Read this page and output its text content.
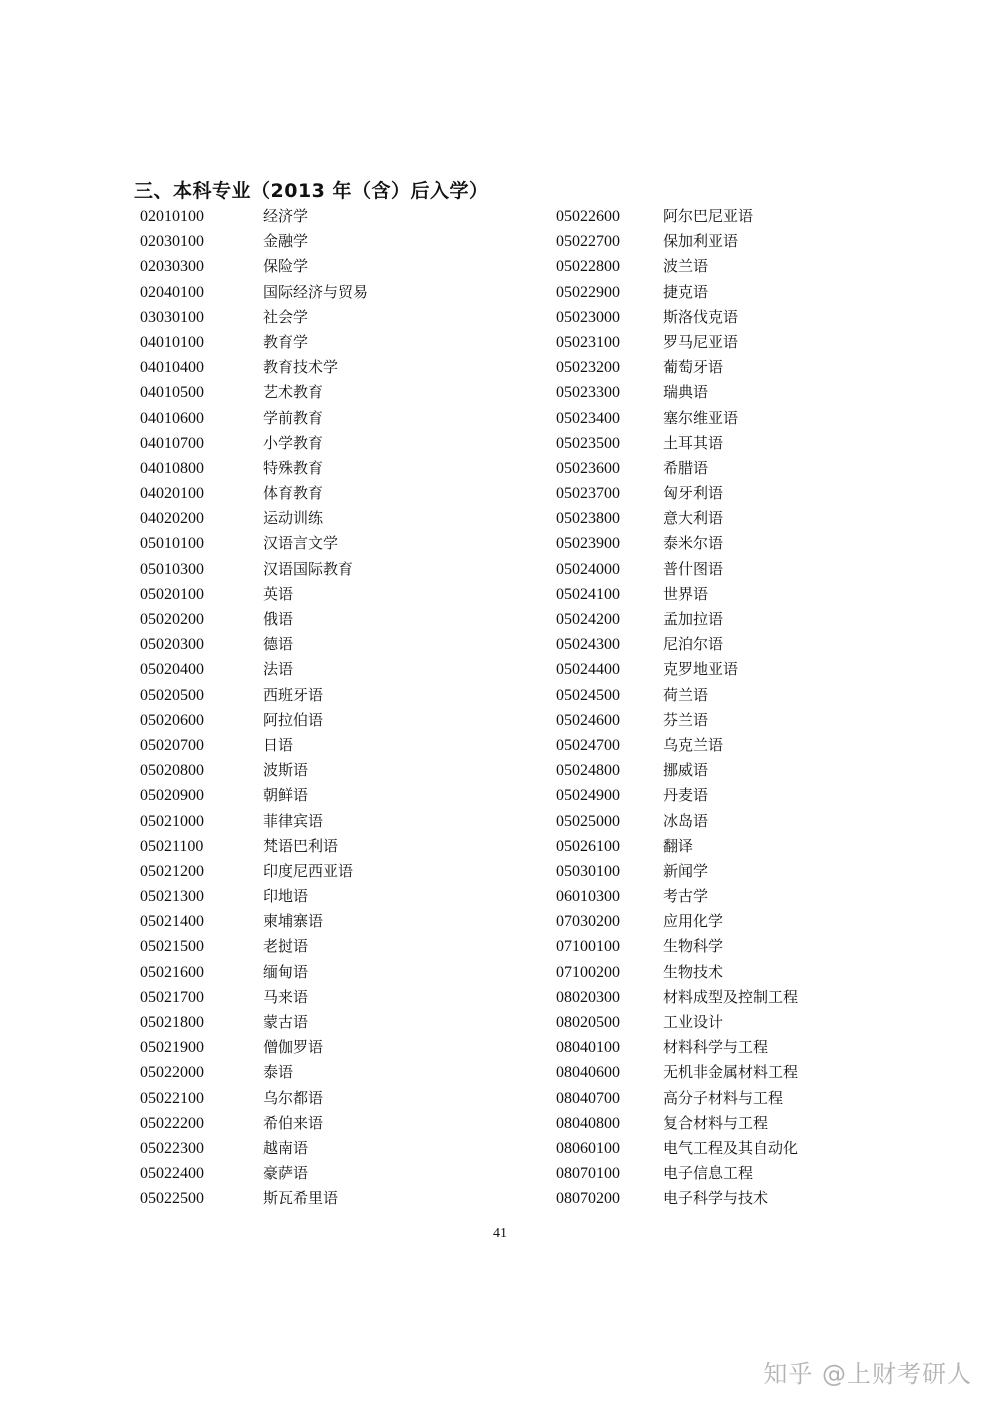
三、本科专业（2013 年（含）后入学）
02010100	经济学
02030100	金融学
02030300	保险学
02040100	国际经济与贸易
03030100	社会学
04010100	教育学
04010400	教育技术学
04010500	艺术教育
04010600	学前教育
04010700	小学教育
04010800	特殊教育
04020100	体育教育
04020200	运动训练
05010100	汉语言文学
05010300	汉语国际教育
05020100	英语
05020200	俄语
05020300	德语
05020400	法语
05020500	西班牙语
05020600	阿拉伯语
05020700	日语
05020800	波斯语
05020900	朝鲜语
05021000	菲律宾语
05021100	梵语巴利语
05021200	印度尼西亚语
05021300	印地语
05021400	柬埔寨语
05021500	老挝语
05021600	缅甸语
05021700	马来语
05021800	蒙古语
05021900	僧伽罗语
05022000	泰语
05022100	乌尔都语
05022200	希伯来语
05022300	越南语
05022400	豪萨语
05022500	斯瓦希里语
05022600	阿尔巴尼亚语
05022700	保加利亚语
05022800	波兰语
05022900	捷克语
05023000	斯洛伐克语
05023100	罗马尼亚语
05023200	葡萄牙语
05023300	瑞典语
05023400	塞尔维亚语
05023500	土耳其语
05023600	希腊语
05023700	匈牙利语
05023800	意大利语
05023900	泰米尔语
05024000	普什图语
05024100	世界语
05024200	孟加拉语
05024300	尼泊尔语
05024400	克罗地亚语
05024500	荷兰语
05024600	芬兰语
05024700	乌克兰语
05024800	挪威语
05024900	丹麦语
05025000	冰岛语
05026100	翻译
05030100	新闻学
06010300	考古学
07030200	应用化学
07100100	生物科学
07100200	生物技术
08020300	材料成型及控制工程
08020500	工业设计
08040100	材料科学与工程
08040600	无机非金属材料工程
08040700	高分子材料与工程
08040800	复合材料与工程
08060100	电气工程及其自动化
08070100	电子信息工程
08070200	电子科学与技术
41
知乎 @上财考研人
